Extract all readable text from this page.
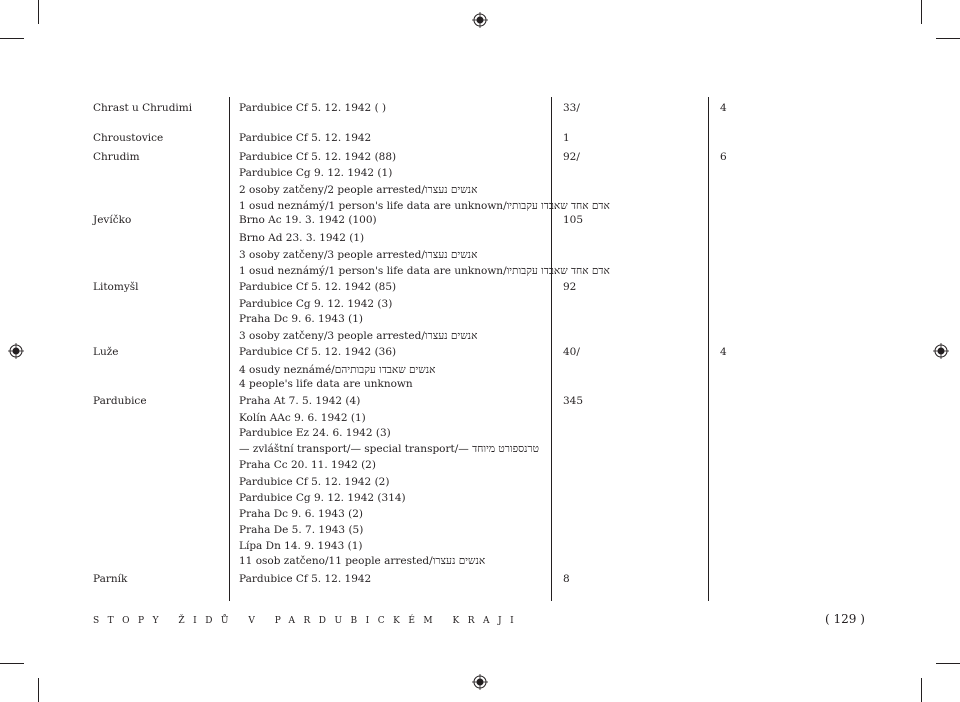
Chrast u Chrudimi	Pardubice Cf 5. 12. 1942 ( )	33/	4
Chroustovice	Pardubice Cf 5. 12. 1942	1
Chrudim	Pardubice Cf 5. 12. 1942 (88)	92/	6
Pardubice Cg 9. 12. 1942 (1)
2 osoby zatčeny/2 people arrested/אנשים נעצרו
1 osud neznámý/1 person's life data are unknown/אדם אחד שאבדו עקבותיו
Jevíčko	Brno Ac 19. 3. 1942 (100)	105
Brno Ad 23. 3. 1942 (1)
3 osoby zatčeny/3 people arrested/אנשים נעצרו
1 osud neznámý/1 person's life data are unknown/אדם אחד שאבדו עקבותיו
Litomyšl	Pardubice Cf 5. 12. 1942 (85)	92
Pardubice Cg 9. 12. 1942 (3)
Praha Dc 9. 6. 1943 (1)
3 osoby zatčeny/3 people arrested/אנשים נעצרו
Luže	Pardubice Cf 5. 12. 1942 (36)	40/	4
4 osudy neznámé/אנשים שאבדו עקבותיהם
4 people's life data are unknown
Pardubice	Praha At 7. 5. 1942 (4)	345
Kolín AAc 9. 6. 1942 (1)
Pardubice Ez 24. 6. 1942 (3)
— zvláštní transport/— special transport/— טרנספורט מיוחד
Praha Cc 20. 11. 1942 (2)
Pardubice Cf 5. 12. 1942 (2)
Pardubice Cg 9. 12. 1942 (314)
Praha Dc 9. 6. 1943 (2)
Praha De 5. 7. 1943 (5)
Lípa Dn 14. 9. 1943 (1)
11 osob zatčeno/11 people arrested/אנשים נעצרו
Parník	Pardubice Cf 5. 12. 1942	8
STOPY ŽIDŮ V PARDUBICKÉM KRAJI	( 129 )
